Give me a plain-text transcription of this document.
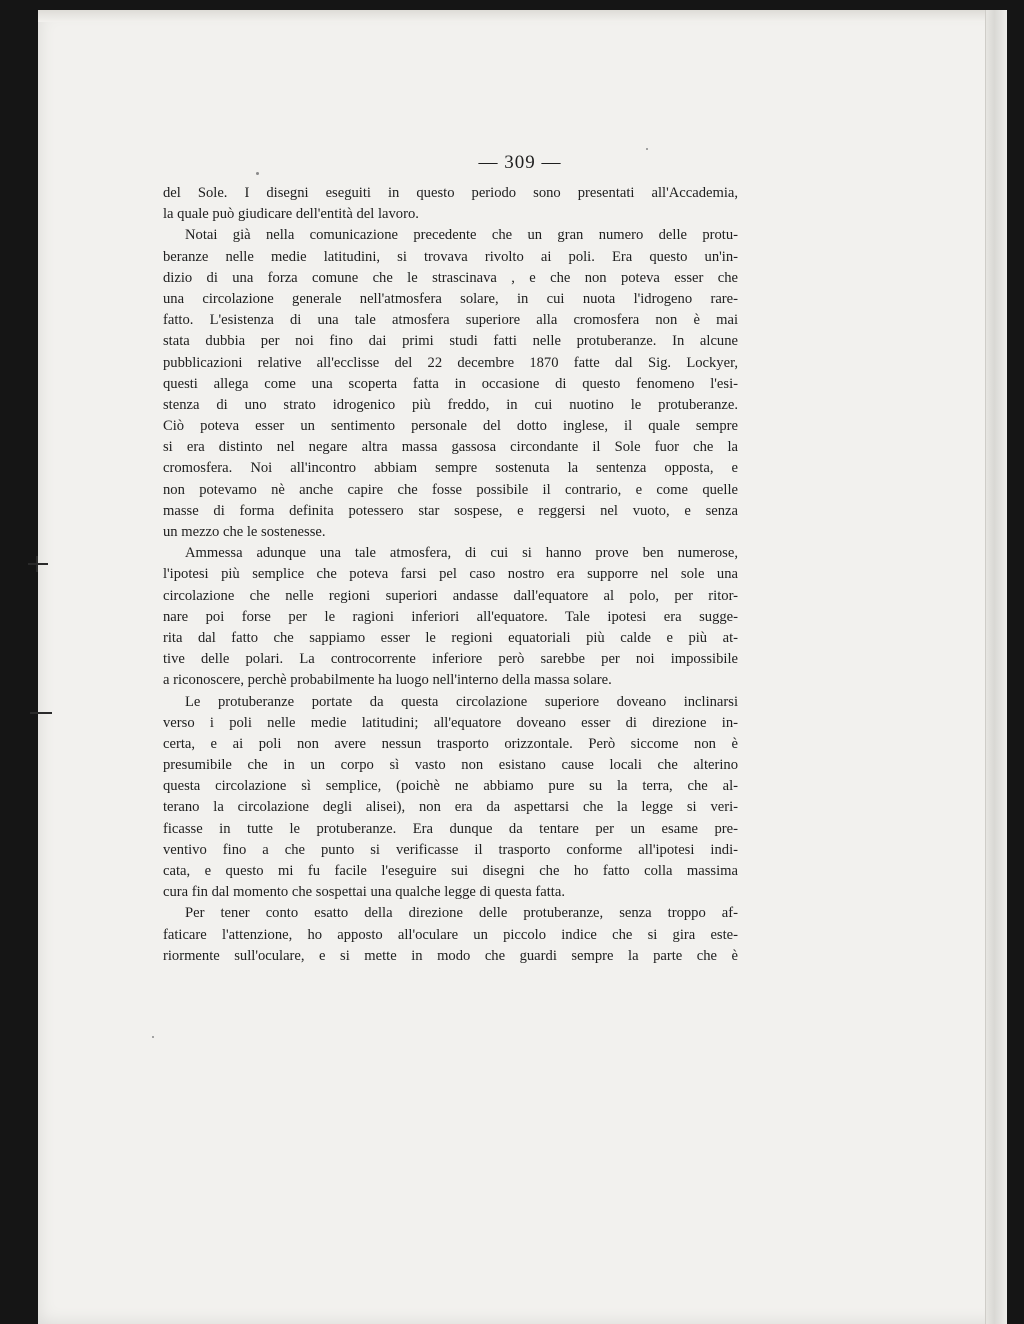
— 309 —
del Sole. I disegni eseguiti in questo periodo sono presentati all'Accademia,
la quale può giudicare dell'entità del lavoro.
Notai già nella comunicazione precedente che un gran numero delle protu-
beranze nelle medie latitudini, si trovava rivolto ai poli. Era questo un'in-
dizio di una forza comune che le strascinava , e che non poteva esser che
una circolazione generale nell'atmosfera solare, in cui nuota l'idrogeno rare-
fatto. L'esistenza di una tale atmosfera superiore alla cromosfera non è mai
stata dubbia per noi fino dai primi studi fatti nelle protuberanze. In alcune
pubblicazioni relative all'ecclisse del 22 decembre 1870 fatte dal Sig. Lockyer,
questi allega come una scoperta fatta in occasione di questo fenomeno l'esi-
stenza di uno strato idrogenico più freddo, in cui nuotino le protuberanze.
Ciò poteva esser un sentimento personale del dotto inglese, il quale sempre
si era distinto nel negare altra massa gassosa circondante il Sole fuor che la
cromosfera. Noi all'incontro abbiam sempre sostenuta la sentenza opposta, e
non potevamo nè anche capire che fosse possibile il contrario, e come quelle
masse di forma definita potessero star sospese, e reggersi nel vuoto, e senza
un mezzo che le sostenesse.
Ammessa adunque una tale atmosfera, di cui si hanno prove ben numerose,
l'ipotesi più semplice che poteva farsi pel caso nostro era supporre nel sole una
circolazione che nelle regioni superiori andasse dall'equatore al polo, per ritor-
nare poi forse per le ragioni inferiori all'equatore. Tale ipotesi era sugge-
rita dal fatto che sappiamo esser le regioni equatoriali più calde e più at-
tive delle polari. La controcorrente inferiore però sarebbe per noi impossibile
a riconoscere, perchè probabilmente ha luogo nell'interno della massa solare.
Le protuberanze portate da questa circolazione superiore doveano inclinarsi
verso i poli nelle medie latitudini; all'equatore doveano esser di direzione in-
certa, e ai poli non avere nessun trasporto orizzontale. Però siccome non è
presumibile che in un corpo sì vasto non esistano cause locali che alterino
questa circolazione sì semplice, (poichè ne abbiamo pure su la terra, che al-
terano la circolazione degli alisei), non era da aspettarsi che la legge si veri-
ficasse in tutte le protuberanze. Era dunque da tentare per un esame pre-
ventivo fino a che punto si verificasse il trasporto conforme all'ipotesi indi-
cata, e questo mi fu facile l'eseguire sui disegni che ho fatto colla massima
cura fin dal momento che sospettai una qualche legge di questa fatta.
Per tener conto esatto della direzione delle protuberanze, senza troppo af-
faticare l'attenzione, ho apposto all'oculare un piccolo indice che si gira este-
riormente sull'oculare, e si mette in modo che guardi sempre la parte che è
